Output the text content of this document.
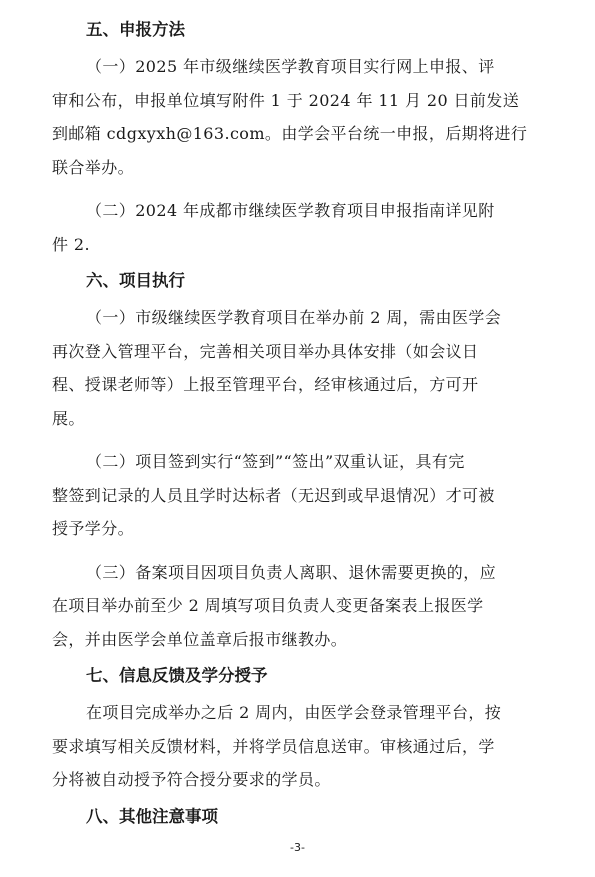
五、申报方法

（一）2025 年市级继续医学教育项目实行网上申报、评
审和公布，申报单位填写附件 1 于 2024 年 11 月 20 日前发送
到邮箱 cdgxyxh@163.com。由学会平台统一申报，后期将进行
联合举办。

（二）2024 年成都市继续医学教育项目申报指南详见附
件 2.

六、项目执行

（一）市级继续医学教育项目在举办前 2 周，需由医学会
再次登入管理平台，完善相关项目举办具体安排（如会议日
程、授课老师等）上报至管理平台，经审核通过后，方可开
展。

（二）项目签到实行“签到”“签出”双重认证，具有完
整签到记录的人员且学时达标者（无迟到或早退情况）才可被
授予学分。

（三）备案项目因项目负责人离职、退休需要更换的，应
在项目举办前至少 2 周填写项目负责人变更备案表上报医学
会，并由医学会单位盖章后报市继教办。

七、信息反馈及学分授予

在项目完成举办之后 2 周内，由医学会登录管理平台，按
要求填写相关反馈材料，并将学员信息送审。审核通过后，学
分将被自动授予符合授分要求的学员。

八、其他注意事项
-3-
